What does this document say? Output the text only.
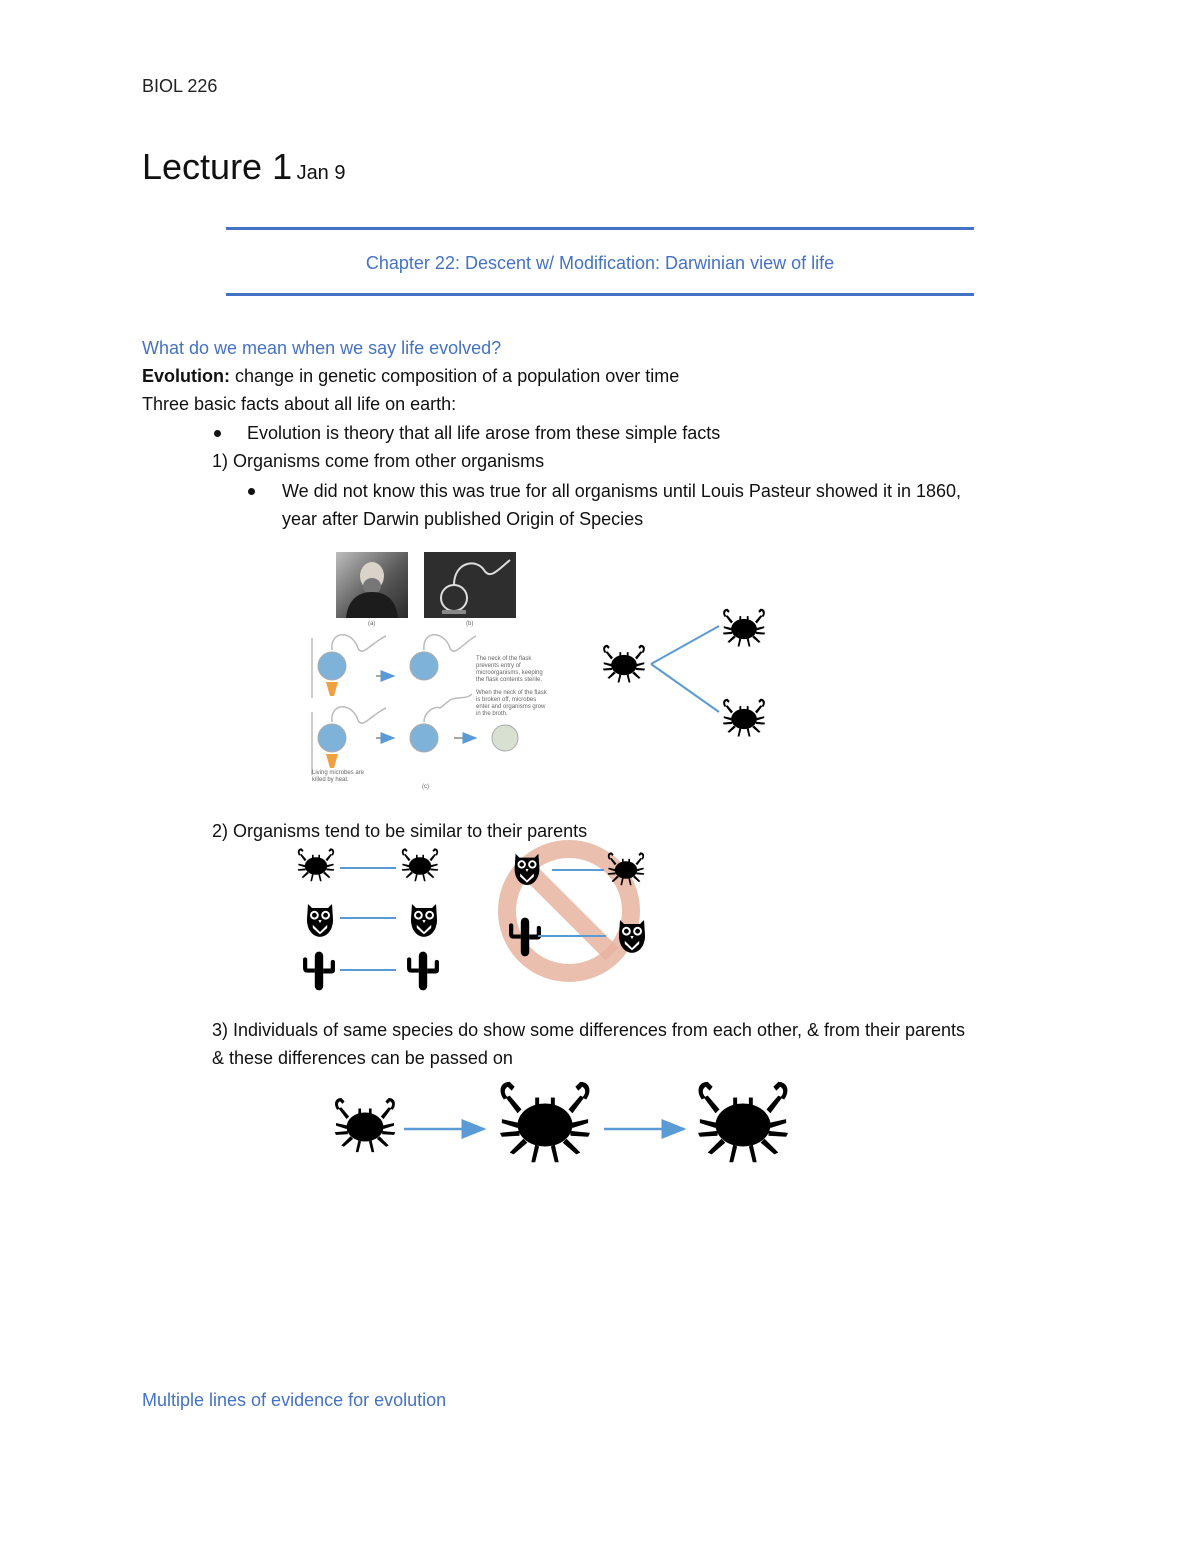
BIOL 226
Lecture 1 Jan 9
Chapter 22: Descent w/ Modification: Darwinian view of life
What do we mean when we say life evolved?
Evolution: change in genetic composition of a population over time
Three basic facts about all life on earth:
Evolution is theory that all life arose from these simple facts
1) Organisms come from other organisms
We did not know this was true for all organisms until Louis Pasteur showed it in 1860,
year after Darwin published Origin of Species
(a)	(b)
The neck of the flask prevents entry of microorganisms, keeping the flask contents sterile.
When the neck of the flask is broken off, microbes enter and organisms grow in the broth.
Living microbes are killed by heat.
(c)
2) Organisms tend to be similar to their parents
3) Individuals of same species do show some differences from each other, & from their parents
& these differences can be passed on
Multiple lines of evidence for evolution
